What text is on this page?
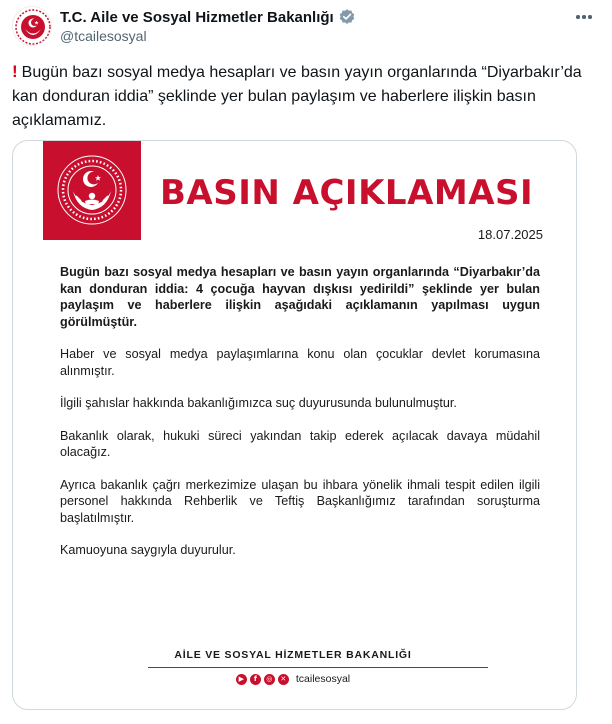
T.C. Aile ve Sosyal Hizmetler Bakanlığı
@tcailesosyal
! Bugün bazı sosyal medya hesapları ve basın yayın organlarında “Diyarbakır’da kan donduran iddia” şeklinde yer bulan paylaşım ve haberlere ilişkin basın açıklamamız.
BASIN AÇIKLAMASI
18.07.2025

Bugün bazı sosyal medya hesapları ve basın yayın organlarında “Diyarbakır’da kan donduran iddia: 4 çocuğa hayvan dışkısı yedirildi” şeklinde yer bulan paylaşım ve haberlere ilişkin aşağıdaki açıklamanın yapılması uygun görülmüştür.

Haber ve sosyal medya paylaşımlarına konu olan çocuklar devlet korumasına alınmıştır.

İlgili şahıslar hakkında bakanlığımızca suç duyurusunda bulunulmuştur.

Bakanlık olarak, hukuki süreci yakından takip ederek açılacak davaya müdahil olacağız.

Ayrıca bakanlık çağrı merkezimize ulaşan bu ihbara yönelik ihmali tespit edilen ilgili personel hakkında Rehberlik ve Teftiş Başkanlığımız tarafından soruşturma başlatılmıştır.

Kamuoyuna saygıyla duyurulur.

AİLE VE SOSYAL HİZMETLER BAKANLIĞI
▶	f	◎	✕ tcailesosyal
